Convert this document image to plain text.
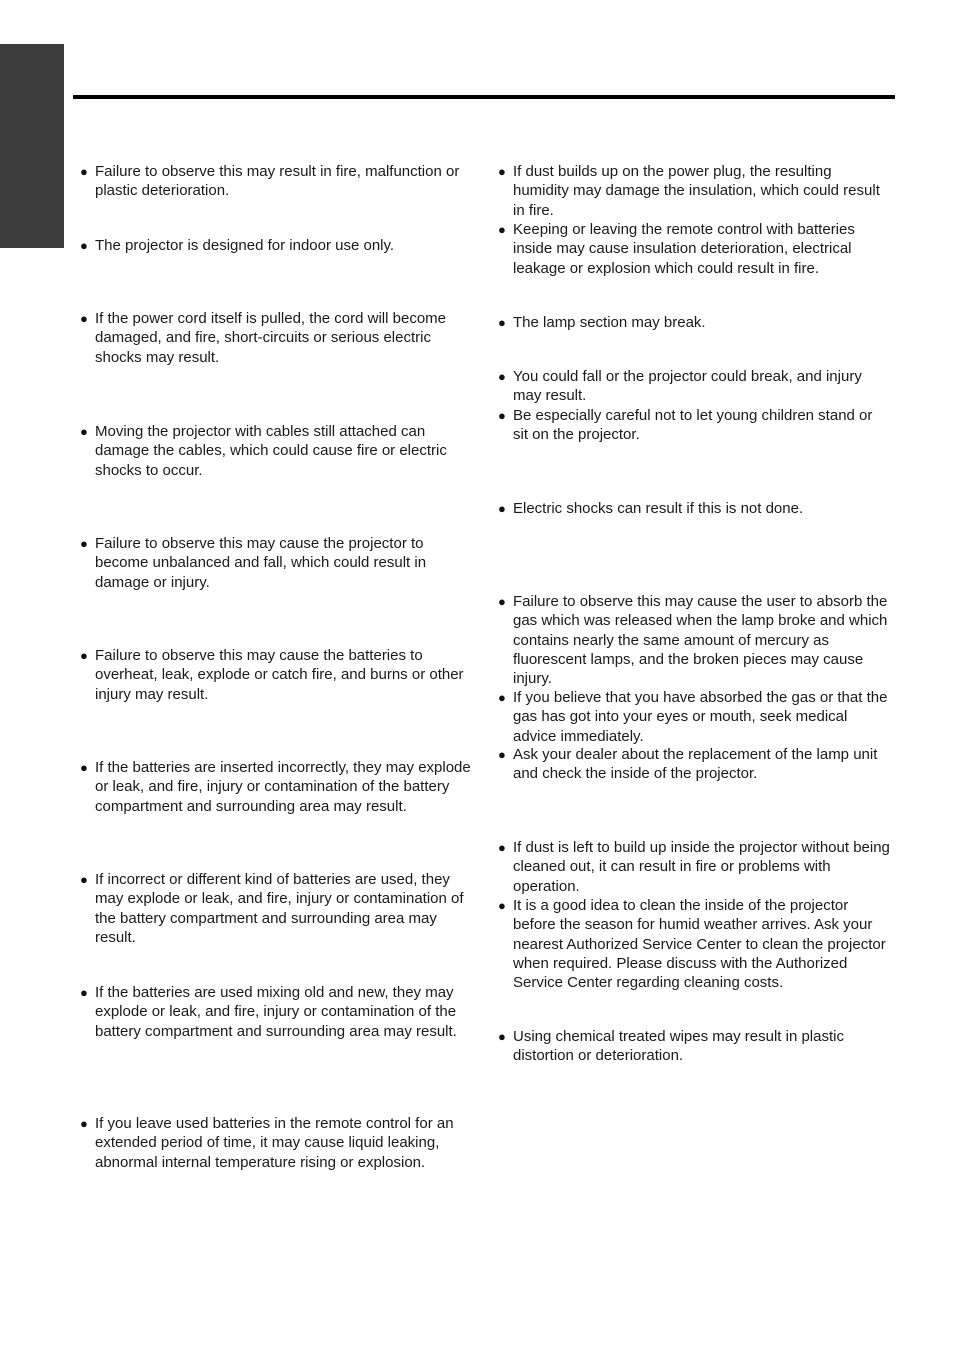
● Failure to observe this may result in fire, malfunction or plastic deterioration.
● The projector is designed for indoor use only.
● If the power cord itself is pulled, the cord will become damaged, and fire, short-circuits or serious electric shocks may result.
● Moving the projector with cables still attached can damage the cables, which could cause fire or electric shocks to occur.
● Failure to observe this may cause the projector to become unbalanced and fall, which could result in damage or injury.
● Failure to observe this may cause the batteries to overheat, leak, explode or catch fire, and burns or other injury may result.
● If the batteries are inserted incorrectly, they may explode or leak, and fire, injury or contamination of the battery compartment and surrounding area may result.
● If incorrect or different kind of batteries are used, they may explode or leak, and fire, injury or contamination of the battery compartment and surrounding area may result.
● If the batteries are used mixing old and new, they may explode or leak, and fire, injury or contamination of the battery compartment and surrounding area may result.
● If you leave used batteries in the remote control for an extended period of time, it may cause liquid leaking, abnormal internal temperature rising or explosion.
● If dust builds up on the power plug, the resulting humidity may damage the insulation, which could result in fire.
● Keeping or leaving the remote control with batteries inside may cause insulation deterioration, electrical leakage or explosion which could result in fire.
● The lamp section may break.
● You could fall or the projector could break, and injury may result.
● Be especially careful not to let young children stand or sit on the projector.
● Electric shocks can result if this is not done.
● Failure to observe this may cause the user to absorb the gas which was released when the lamp broke and which contains nearly the same amount of mercury as fluorescent lamps, and the broken pieces may cause injury.
● If you believe that you have absorbed the gas or that the gas has got into your eyes or mouth, seek medical advice immediately.
● Ask your dealer about the replacement of the lamp unit and check the inside of the projector.
● If dust is left to build up inside the projector without being cleaned out, it can result in fire or problems with operation.
● It is a good idea to clean the inside of the projector before the season for humid weather arrives. Ask your nearest Authorized Service Center to clean the projector when required. Please discuss with the Authorized Service Center regarding cleaning costs.
● Using chemical treated wipes may result in plastic distortion or deterioration.
